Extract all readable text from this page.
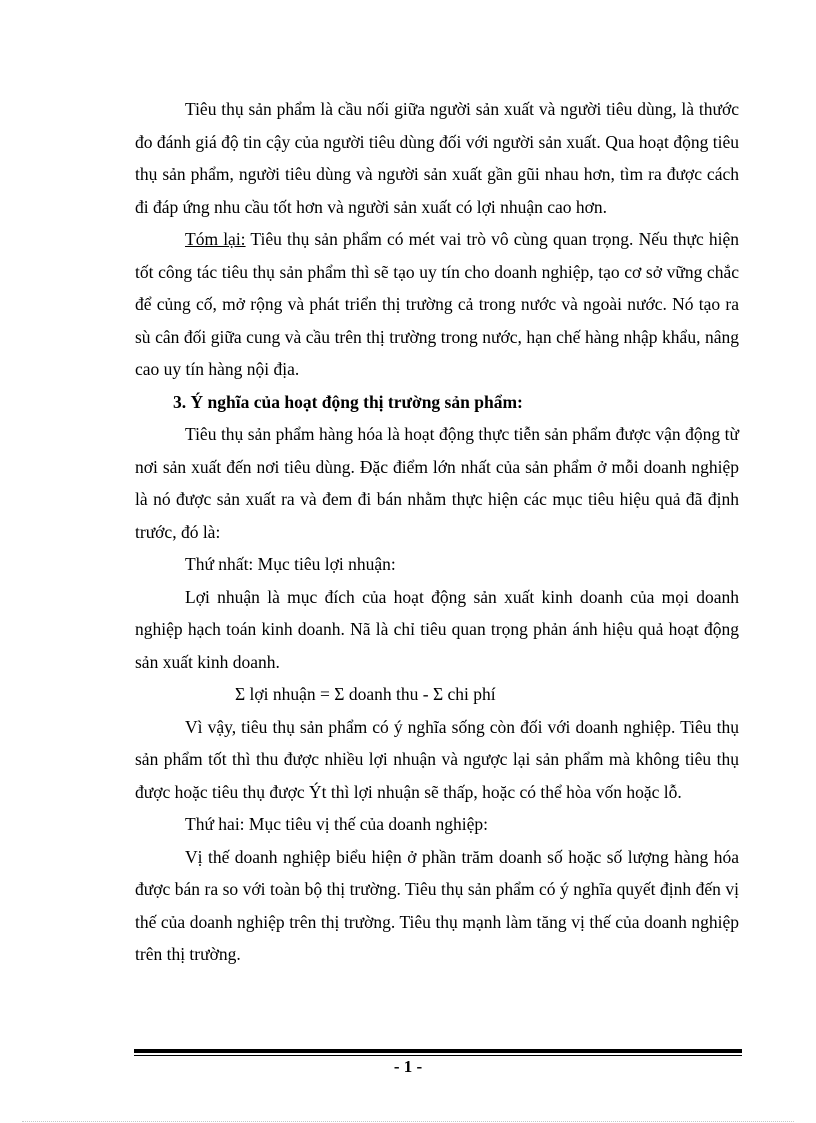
Tiêu thụ sản phẩm là cầu nối giữa người sản xuất và người tiêu dùng, là thước đo đánh giá độ tin cậy của người tiêu dùng đối với người sản xuất. Qua hoạt động tiêu thụ sản phẩm, người tiêu dùng và người sản xuất gần gũi nhau hơn, tìm ra được cách đi đáp ứng nhu cầu tốt hơn và người sản xuất có lợi nhuận cao hơn.

Tóm lại: Tiêu thụ sản phẩm có mét vai trò vô cùng quan trọng. Nếu thực hiện tốt công tác tiêu thụ sản phẩm thì sẽ tạo uy tín cho doanh nghiệp, tạo cơ sở vững chắc để củng cố, mở rộng và phát triển thị trường cả trong nước và ngoài nước. Nó tạo ra sù cân đối giữa cung và cầu trên thị trường trong nước, hạn chế hàng nhập khẩu, nâng cao uy tín hàng nội địa.

3. Ý nghĩa của hoạt động thị trường sản phẩm:

Tiêu thụ sản phẩm hàng hóa là hoạt động thực tiễn sản phẩm được vận động từ nơi sản xuất đến nơi tiêu dùng. Đặc điểm lớn nhất của sản phẩm ở mỗi doanh nghiệp là nó được sản xuất ra và đem đi bán nhằm thực hiện các mục tiêu hiệu quả đã định trước, đó là:

Thứ nhất: Mục tiêu lợi nhuận:

Lợi nhuận là mục đích của hoạt động sản xuất kinh doanh của mọi doanh nghiệp hạch toán kinh doanh. Nã là chỉ tiêu quan trọng phản ánh hiệu quả hoạt động sản xuất kinh doanh.

Σ lợi nhuận = Σ doanh thu - Σ chi phí

Vì vậy, tiêu thụ sản phẩm có ý nghĩa sống còn đối với doanh nghiệp. Tiêu thụ sản phẩm tốt thì thu được nhiều lợi nhuận và ngược lại sản phẩm mà không tiêu thụ được hoặc tiêu thụ được Ýt thì lợi nhuận sẽ thấp, hoặc có thể hòa vốn hoặc lỗ.

Thứ hai: Mục tiêu vị thế của doanh nghiệp:

Vị thế doanh nghiệp biểu hiện ở phần trăm doanh số hoặc số lượng hàng hóa được bán ra so với toàn bộ thị trường. Tiêu thụ sản phẩm có ý nghĩa quyết định đến vị thế của doanh nghiệp trên thị trường. Tiêu thụ mạnh làm tăng vị thế của doanh nghiệp trên thị trường.

- 1 -
